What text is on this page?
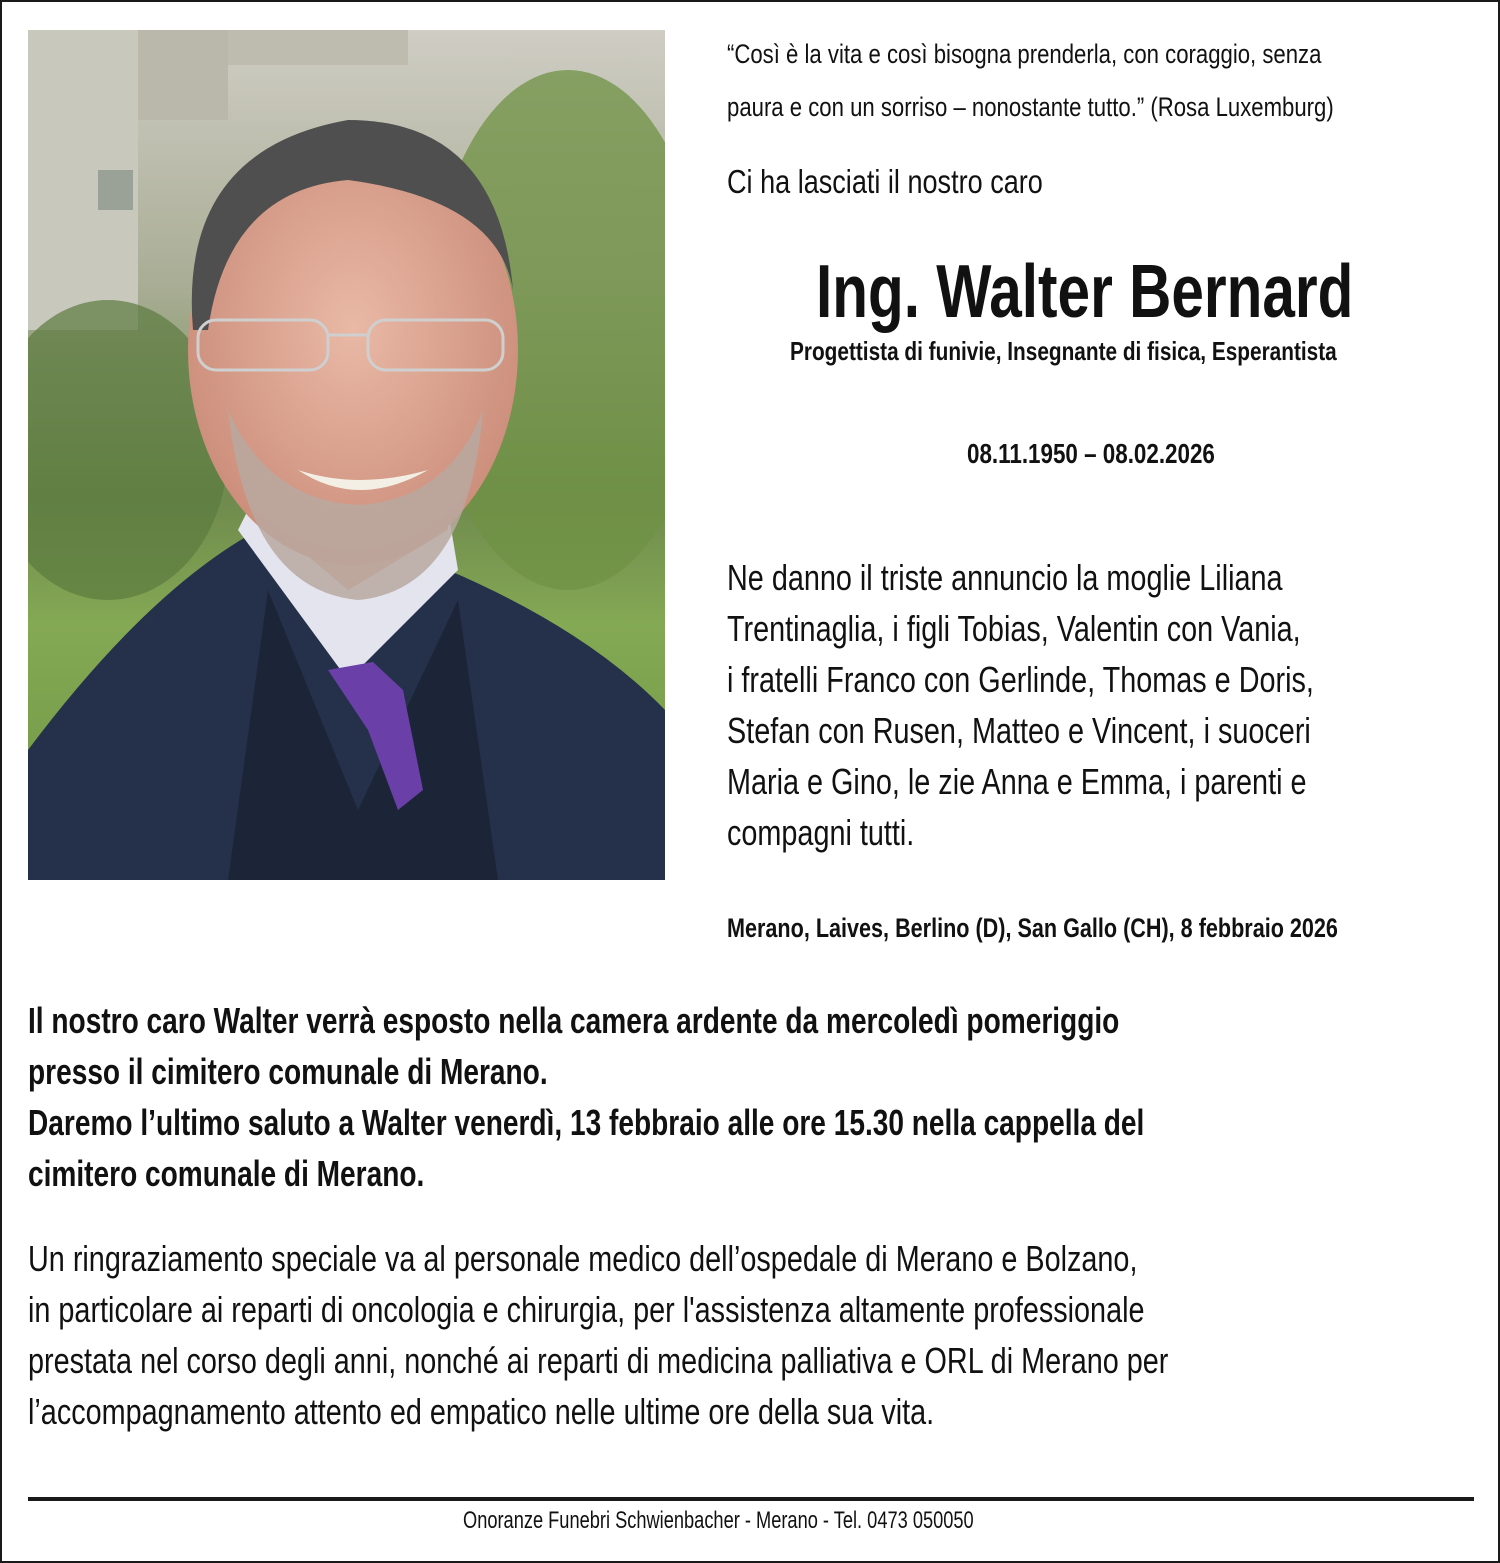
“Così è la vita e così bisogna prenderla, con coraggio, senza
paura e con un sorriso – nonostante tutto.” (Rosa Luxemburg)
Ci ha lasciati il nostro caro
Ing. Walter Bernard
Progettista di funivie, Insegnante di fisica, Esperantista
08.11.1950 – 08.02.2026
Ne danno il triste annuncio la moglie Liliana
Trentinaglia, i figli Tobias, Valentin con Vania,
i fratelli Franco con Gerlinde, Thomas e Doris,
Stefan con Rusen, Matteo e Vincent, i suoceri
Maria e Gino, le zie Anna e Emma, i parenti e
compagni tutti.
Merano, Laives, Berlino (D), San Gallo (CH), 8 febbraio 2026
Il nostro caro Walter verrà esposto nella camera ardente da mercoledì pomeriggio
presso il cimitero comunale di Merano.
Daremo l’ultimo saluto a Walter venerdì, 13 febbraio alle ore 15.30 nella cappella del
cimitero comunale di Merano.
Un ringraziamento speciale va al personale medico dell’ospedale di Merano e Bolzano,
in particolare ai reparti di oncologia e chirurgia, per l'assistenza altamente professionale
prestata nel corso degli anni, nonché ai reparti di medicina palliativa e ORL di Merano per
l’accompagnamento attento ed empatico nelle ultime ore della sua vita.
Onoranze Funebri Schwienbacher - Merano - Tel. 0473 050050
